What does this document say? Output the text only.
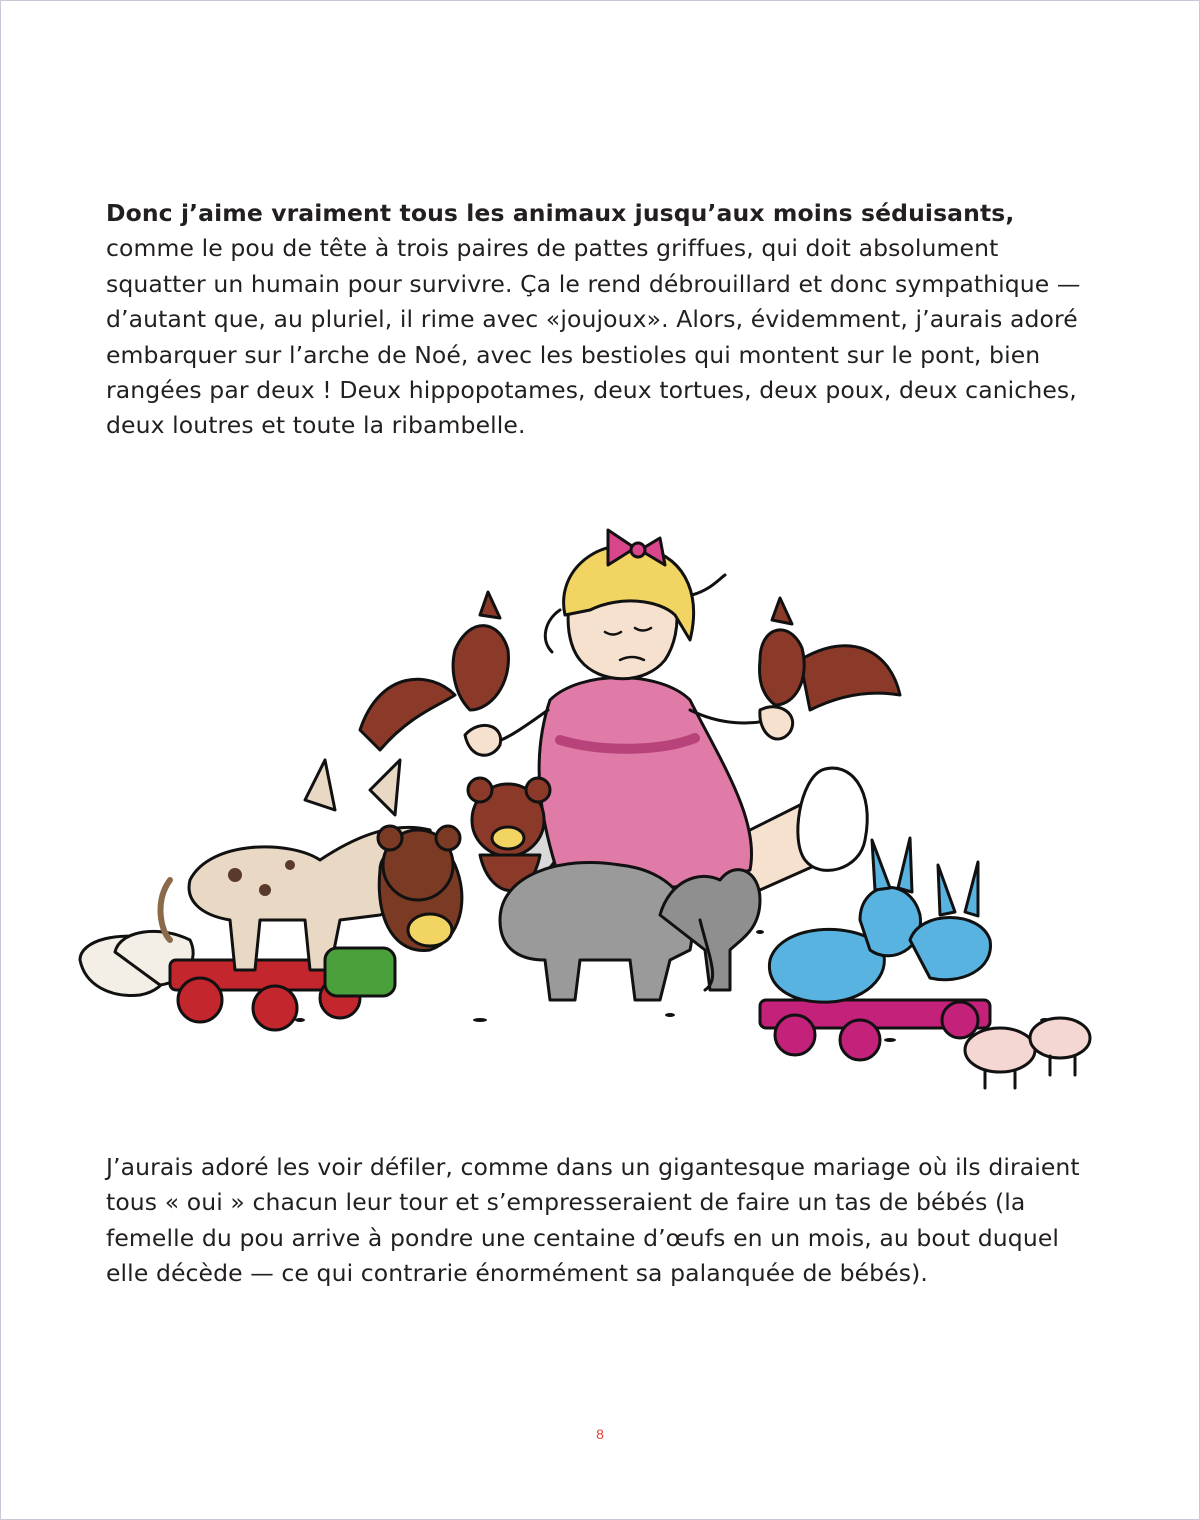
Donc j’aime vraiment tous les animaux jusqu’aux moins séduisants, comme le pou de tête à trois paires de pattes griffues, qui doit absolument squatter un humain pour survivre. Ça le rend débrouillard et donc sympathique — d’autant que, au pluriel, il rime avec «joujoux». Alors, évidemment, j’aurais adoré embarquer sur l’arche de Noé, avec les bestioles qui montent sur le pont, bien rangées par deux ! Deux hippopotames, deux tortues, deux poux, deux caniches, deux loutres et toute la ribambelle.

J’aurais adoré les voir défiler, comme dans un gigantesque mariage où ils diraient tous « oui » chacun leur tour et s’empresseraient de faire un tas de bébés (la femelle du pou arrive à pondre une centaine d’œufs en un mois, au bout duquel elle décède — ce qui contrarie énormément sa palanquée de bébés).

8
